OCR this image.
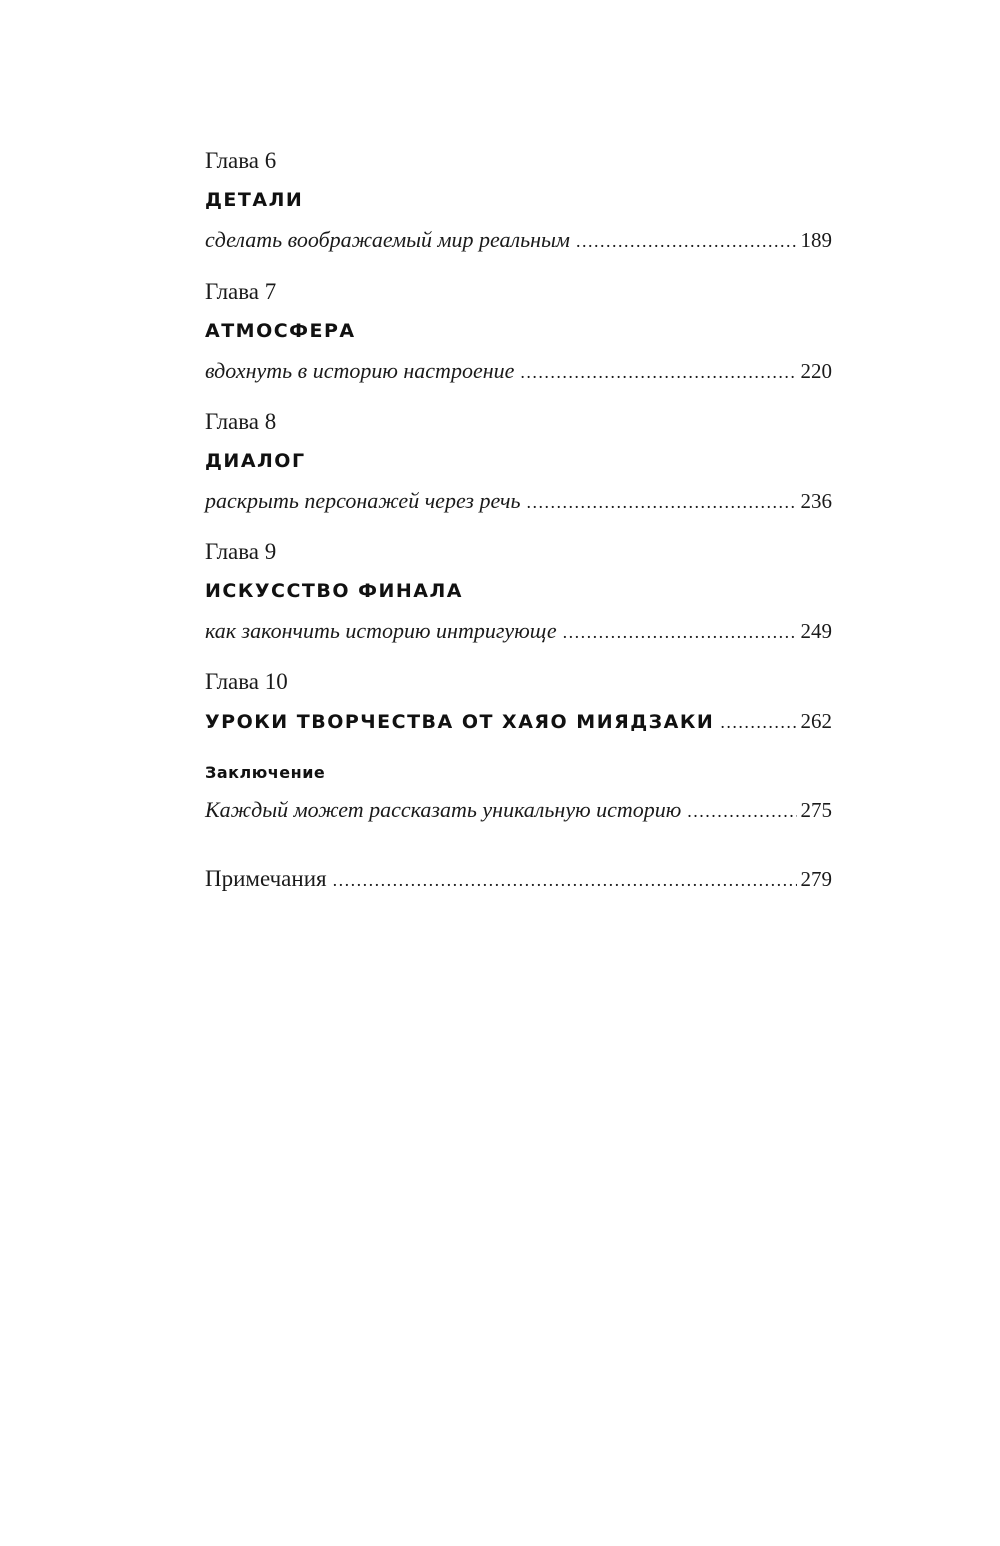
Глава 6
ДЕТАЛИ
сделать воображаемый мир реальным .....	189
Глава 7
АТМОСФЕРА
вдохнуть в историю настроение .....	220
Глава 8
ДИАЛОГ
раскрыть персонажей через речь .....	236
Глава 9
ИСКУССТВО ФИНАЛА
как закончить историю интригующе .....	249
Глава 10
УРОКИ ТВОРЧЕСТВА ОТ ХАЯО МИЯДЗАКИ .....	262
Заключение
Каждый может рассказать уникальную историю .....	275
Примечания .....	279
